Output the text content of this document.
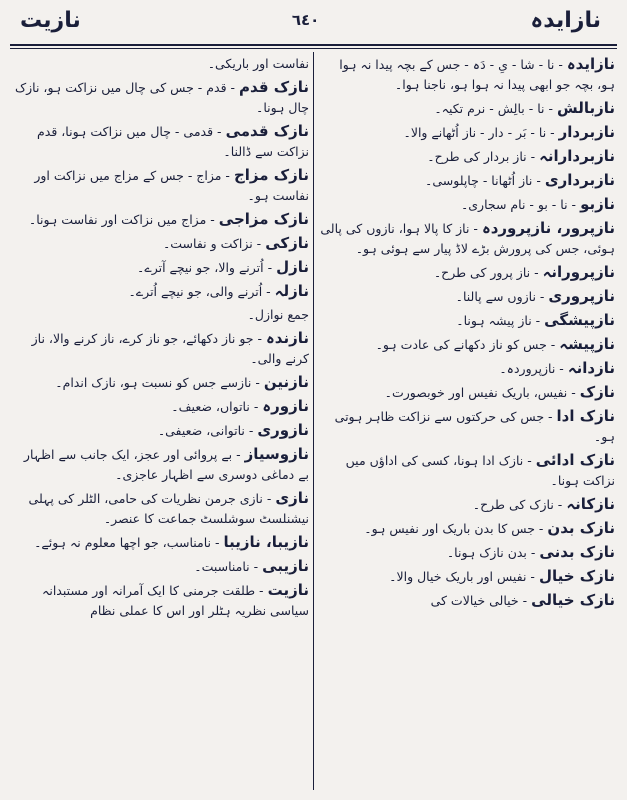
نازایدہ
٦٤٠
نازیت
نازایدہ- نا - شا - یِ - دَہ - جس کے بچہ پیدا نہ ہوا ہو، بچہ جو ابھی پیدا نہ ہوا ہو، ناجنا ہوا۔
نازبالش- نا - بالِش - نرم تکیہ۔
نازبردار- نا - بَر - دار - ناز اُٹھانے والا۔
نازبردارانہ- ناز بردار کی طرح۔
نازبرداری- ناز اُٹھانا - چاپلوسی۔
نازبو- نا - بو - نام سجاری۔
نازپرور، نازپروردہ- ناز کا پالا ہوا، نازوں کی پالی ہوئی، جس کی پرورش بڑے لاڈ پیار سے ہوئی ہو۔
نازپرورانہ- ناز پرور کی طرح۔
نازپروری- نازوں سے پالنا۔
نازپیشگی- ناز پیشہ ہونا۔
نازپیشہ- جس کو ناز دکھانے کی عادت ہو۔
نازدانہ- نازپروردہ۔
نازک- نفیس، باریک نفیس اور خوبصورت۔
نازک ادا- جس کی حرکتوں سے نزاکت ظاہر ہوتی ہو۔
نازک ادائی- نازک ادا ہونا، کسی کی اداؤں میں نزاکت ہونا۔
نازکانہ- نازک کی طرح۔
نازک بدن- جس کا بدن باریک اور نفیس ہو۔
نازک بدنی- بدن نازک ہونا۔
نازک خیال- نفیس اور باریک خیال والا۔
نازک خیالی- خیالی خیالات کی
نفاست اور باریکی۔
نازک قدم- قدم - جس کی چال میں نزاکت ہو، نازک چال ہونا۔
نازک قدمی- قدمی - چال میں نزاکت ہونا، قدم نزاکت سے ڈالنا۔
نازک مزاج- مزاج - جس کے مزاج میں نزاکت اور نفاست ہو۔
نازک مزاجی- مزاج میں نزاکت اور نفاست ہونا۔
نازکی- نزاکت و نفاست۔
نازل- اُترنے والا، جو نیچے آترے۔
نازلہ- اُترنے والی، جو نیچے اُترے۔
جمع نوازل۔
نازندہ- جو ناز دکھائے، جو ناز کرے، ناز کرنے والا، ناز کرنے والی۔
نازنین- نازسے جس کو نسبت ہو، نازک اندام۔
نازورہ- ناتواں، ضعیف۔
نازوری- ناتوانی، ضعیفی۔
نازوسیاز- بے پروائی اور عجز، ایک جانب سے اظہار بے دماغی دوسری سے اظہار عاجزی۔
نازی- نازی جرمن نظریات کی حامی، الٹلر کی پہلی نیشنلسٹ سوشلسٹ جماعت کا عنصر۔
نازیبا، نازیبا- نامناسب، جو اچھا معلوم نہ ہوئے۔
نازیبی- نامناسبت۔
نازیت- طلقت جرمنی کا ایک آمرانہ اور مستبدانہ سیاسی نظریہ ہٹلر اور اس کا عملی نظام
